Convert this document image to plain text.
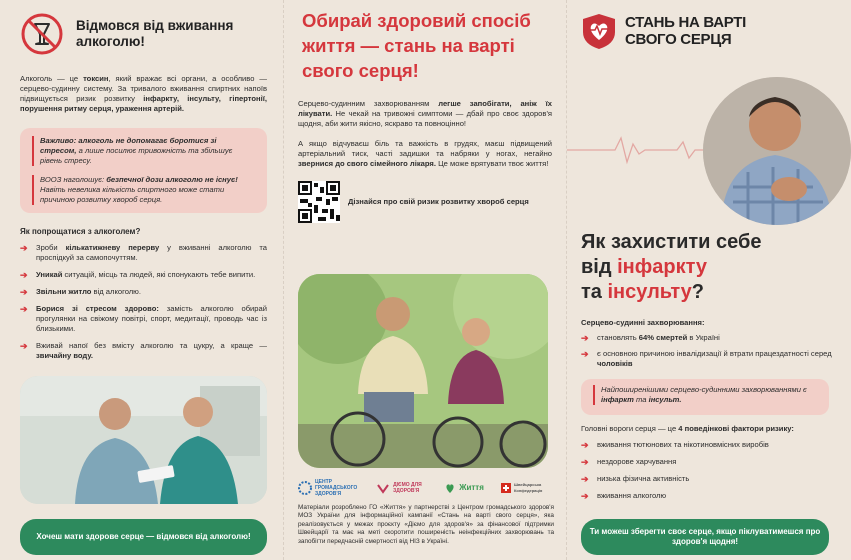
Відмовся від вживання алкоголю!

Алкоголь — це токсин, який вражає всі органи, а особливо — серцево-судинну систему. За тривалого вживання спиртних напоїв підвищується ризик розвитку інфаркту, інсульту, гіпертонії, порушення ритму серця, ураження артерій.

Важливо: алкоголь не допомагає боротися зі стресом, а лише посилює тривожність та збільшує рівень стресу.
ВООЗ наголошує: безпечної дози алкоголю не існує! Навіть невелика кількість спиртного може стати причиною розвитку хвороб серця.
Як попрощатися з алкоголем?
➔	Зроби кількатижневу перерву у вживанні алкоголю та проспідкуй за самопочуттям.
➔	Уникай ситуацій, місць та людей, які спонукають тебе випити.
➔	Звільни житло від алкоголю.
➔	Борися зі стресом здорово: замість алкоголю обирай прогулянки на свіжому повітрі, спорт, медитації, проводь час із близькими.
➔	Вживай напої без вмісту алкоголю та цукру, а краще — звичайну воду.
Хочеш мати здорове серце — відмовся від алкоголю!
Обирай здоровий спосіб життя — стань на варті свого серця!

Серцево-судинним захворюванням легше запобігати, аніж їх лікувати. Не чекай на тривожні симптоми — дбай про своє здоров'я щодня, аби жити якісно, яскраво та повноцінно!

А якщо відчуваєш біль та важкість в грудях, маєш підвищений артеріальний тиск, часті задишки та набряки у ногах, негайно звернися до свого сімейного лікаря. Це може врятувати твоє життя!

Дізнайся про свій ризик розвитку хвороб серця
ЦЕНТР ГРОМАДСЬКОГО ЗДОРОВ'Я
ДІЄМО ДЛЯ ЗДОРОВ'Я	Життя	Швейцарська Конфедерація
Матеріали розроблено ГО «Життя» у партнерстві з Центром громадського здоров'я МОЗ України для інформаційної кампанії «Стань на варті свого серця», яка реалізовується у межах проєкту «Діємо для здоров'я» за фінансової підтримки Швейцарії та має на меті скоротити поширеність неінфекційних захворювань та запобігти передчасній смертності від НІЗ в Україні.
СТАНЬ НА ВАРТІ
СВОГО СЕРЦЯ
Як захистити себе
від інфаркту
та інсульту?
Серцево-судинні захворювання:
➔	становлять 64% смертей в Україні
➔	є основною причиною інвалідизації й втрати працездатності серед чоловіків
Найпоширенішими серцево-судинними захворюваннями є інфаркт та інсульт.
Головні вороги серця — це 4 поведінкові фактори ризику:
➔	вживання тютюнових та нікотиновмісних виробів
➔	нездорове харчування
➔	низька фізична активність
➔	вживання алкоголю
Ти можеш зберегти своє серце, якщо піклуватимешся про здоров'я щодня!
